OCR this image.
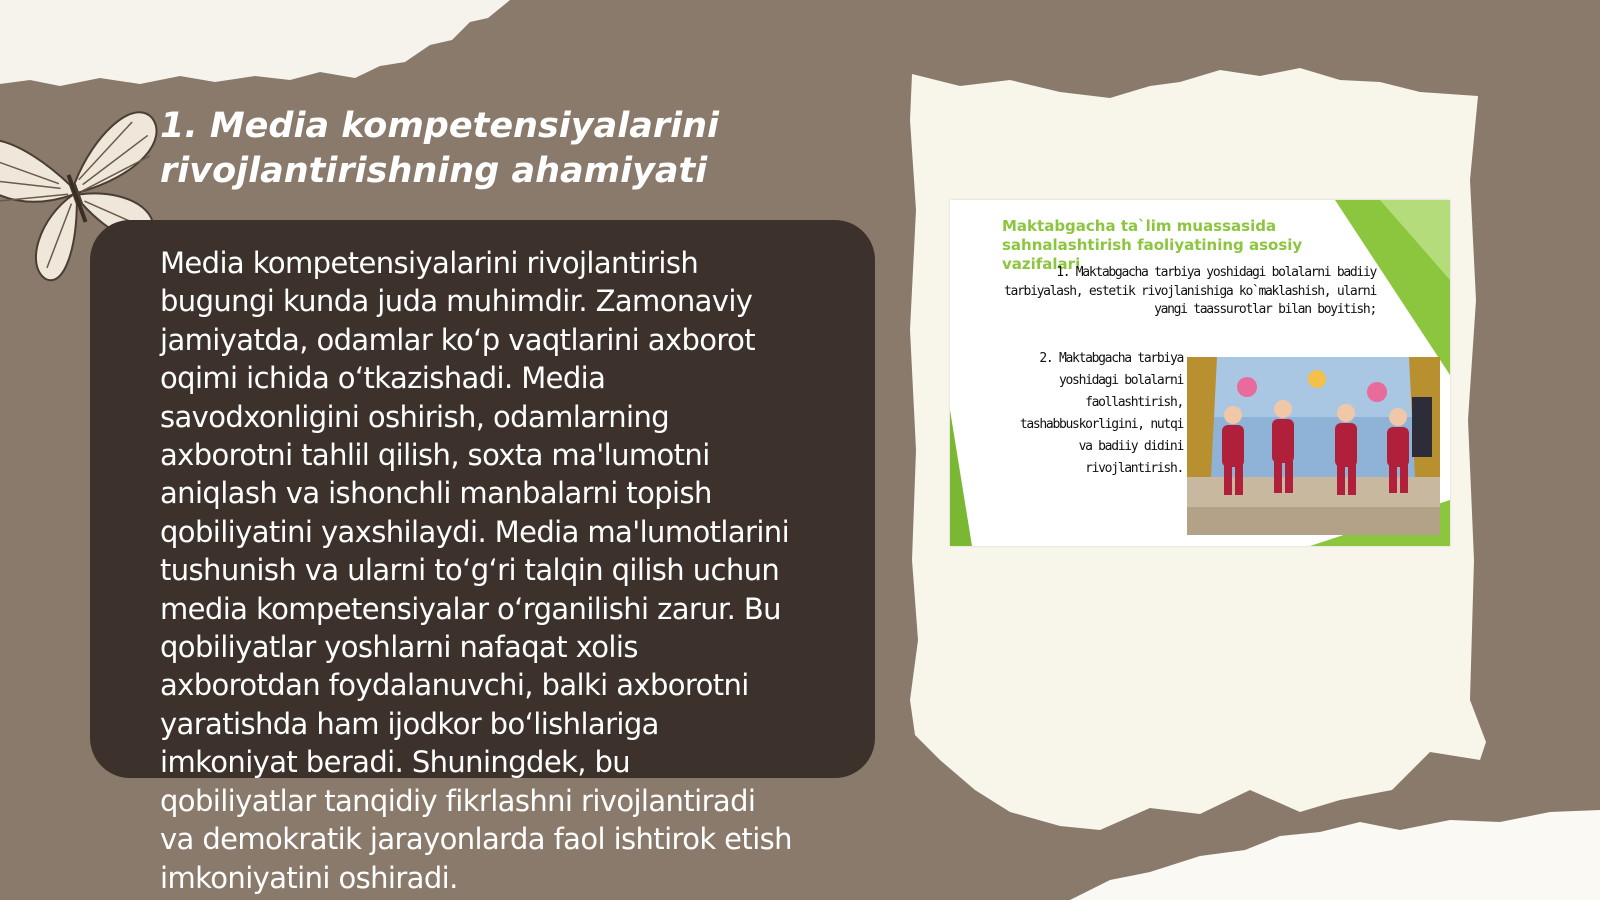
1. Media kompetensiyalarini
rivojlantirishning ahamiyati
Media kompetensiyalarini rivojlantirish
bugungi kunda juda muhimdir. Zamonaviy
jamiyatda, odamlar ko‘p vaqtlarini axborot
oqimi ichida o‘tkazishadi. Media
savodxonligini oshirish, odamlarning
axborotni tahlil qilish, soxta ma'lumotni
aniqlash va ishonchli manbalarni topish
qobiliyatini yaxshilaydi. Media ma'lumotlarini
tushunish va ularni to‘g‘ri talqin qilish uchun
media kompetensiyalar o‘rganilishi zarur. Bu
qobiliyatlar yoshlarni nafaqat xolis
axborotdan foydalanuvchi, balki axborotni
yaratishda ham ijodkor bo‘lishlariga
imkoniyat beradi. Shuningdek, bu
qobiliyatlar tanqidiy fikrlashni rivojlantiradi
va demokratik jarayonlarda faol ishtirok etish
imkoniyatini oshiradi.
Maktabgacha ta`lim muassasida
sahnalashtirish faoliyatining asosiy
vazifalari
1. Maktabgacha tarbiya yoshidagi bolalarni badiiy
tarbiyalash, estetik rivojlanishiga ko`maklashish, ularni
yangi taassurotlar bilan boyitish;
2. Maktabgacha tarbiya
yoshidagi bolalarni
faollashtirish,
tashabbuskorligini, nutqi
va badiiy didini
rivojlantirish.
